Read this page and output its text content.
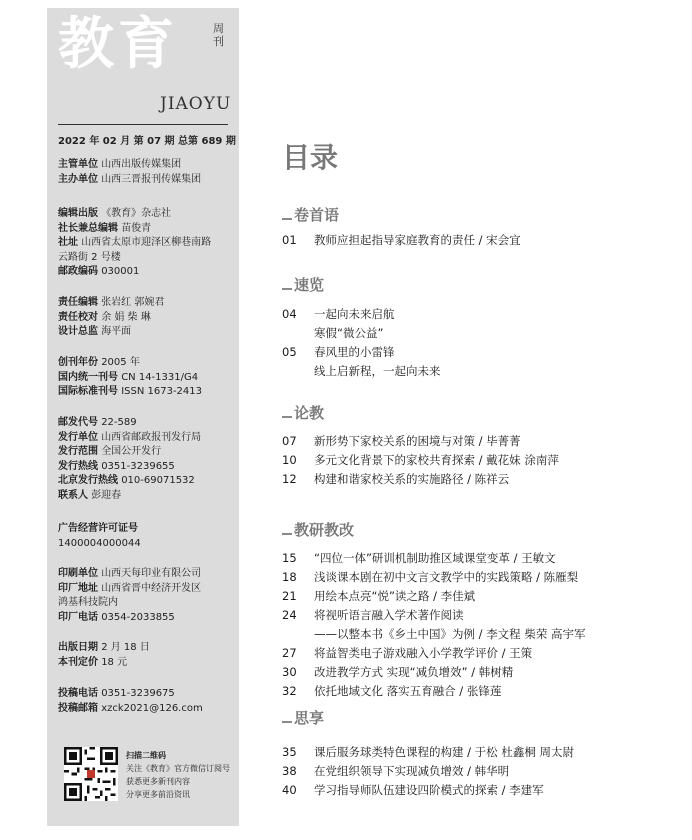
教育	周刊
JIAOYU
2022 年 02 月 第 07 期 总第 689 期
主管单位 山西出版传媒集团
主办单位 山西三晋报刊传媒集团
编辑出版 《教育》杂志社
社长兼总编辑 苗俊青
社址 山西省太原市迎泽区柳巷南路
云路街 2 号楼
邮政编码 030001
责任编辑 张岩红 郭婉君
责任校对 余 娟 柴 琳
设计总监 海平面
创刊年份 2005 年
国内统一刊号 CN 14-1331/G4
国际标准刊号 ISSN 1673-2413
邮发代号 22-589
发行单位 山西省邮政报刊发行局
发行范围 全国公开发行
发行热线 0351-3239655
北京发行热线 010-69071532
联系人 彭迎春
广告经营许可证号
1400004000044
印刷单位 山西天每印业有限公司
印厂地址 山西省晋中经济开发区
鸿基科技院内
印厂电话 0354-2033855
出版日期 2 月 18 日
本刊定价 18 元
投稿电话 0351-3239675
投稿邮箱 xzck2021@126.com
扫描二维码
关注《教育》官方微信订阅号
获悉更多新刊内容
分享更多前沿资讯
目录
卷首语
01	教师应担起指导家庭教育的责任 / 宋会宜
速览
04	一起向未来启航
寒假“微公益”
05	春风里的小雷锋
线上启新程，一起向未来
论教
07	新形势下家校关系的困境与对策 / 毕菁菁
10	多元文化背景下的家校共育探索 / 戴花妹 涂南萍
12	构建和谐家校关系的实施路径 / 陈祥云
教研教改
15	“四位一体”研训机制助推区域课堂变革 / 王敏文
18	浅谈课本剧在初中文言文教学中的实践策略 / 陈雁梨
21	用绘本点亮“悦”读之路 / 李佳斌
24	将视听语言融入学术著作阅读
——以整本书《乡土中国》为例 / 李文程 柴荣 高宇军
27	将益智类电子游戏融入小学教学评价 / 王策
30	改进教学方式 实现“减负增效” / 韩树精
32	依托地域文化 落实五育融合 / 张锋莲
思享
35	课后服务球类特色课程的构建 / 于松 杜鑫桐 周太尉
38	在党组织领导下实现减负增效 / 韩华明
40	学习指导师队伍建设四阶模式的探索 / 李建军
